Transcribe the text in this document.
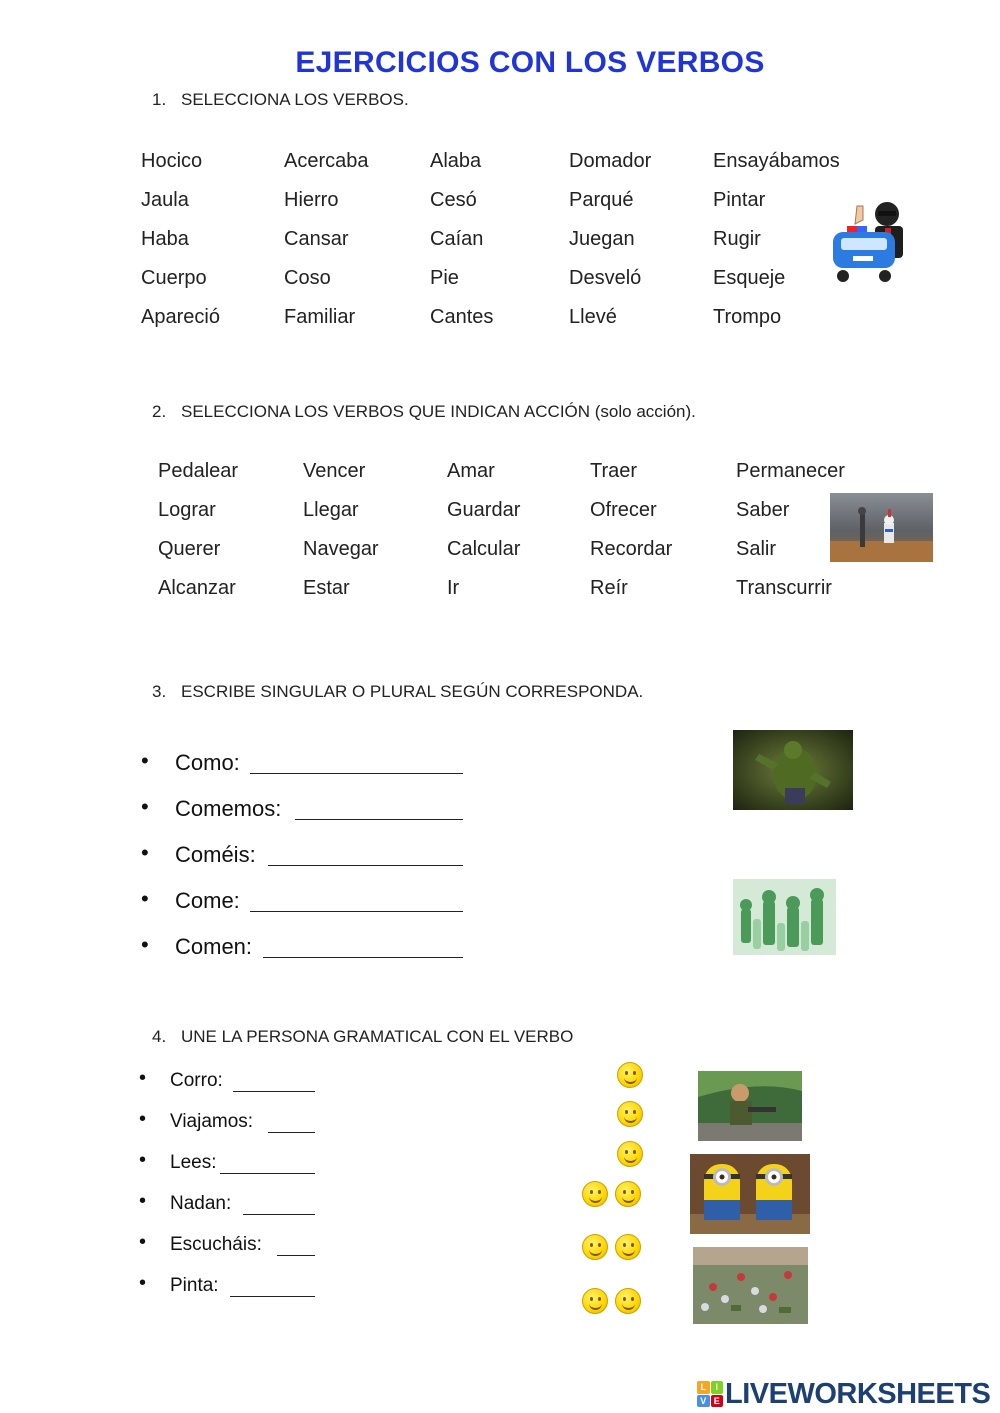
EJERCICIOS CON LOS VERBOS
1. SELECCIONA LOS VERBOS.
Hocico	Acercaba	Alaba	Domador	Ensayábamos
Jaula	Hierro	Cesó	Parqué	Pintar
Haba	Cansar	Caían	Juegan	Rugir
Cuerpo	Coso	Pie	Desveló	Esqueje
Apareció	Familiar	Cantes	Llevé	Trompo
2. SELECCIONA LOS VERBOS QUE INDICAN ACCIÓN (solo acción).
Pedalear	Vencer	Amar	Traer	Permanecer
Lograr	Llegar	Guardar	Ofrecer	Saber
Querer	Navegar	Calcular	Recordar	Salir
Alcanzar	Estar	Ir	Reír	Transcurrir
3. ESCRIBE SINGULAR O PLURAL SEGÚN CORRESPONDA.
• Como:
• Comemos:
• Coméis:
• Come:
• Comen:
4. UNE LA PERSONA GRAMATICAL CON EL VERBO
• Corro:
• Viajamos:
• Lees:
• Nadan:
• Escucháis:
• Pinta:
L	I
V E LIVEWORKSHEETS
